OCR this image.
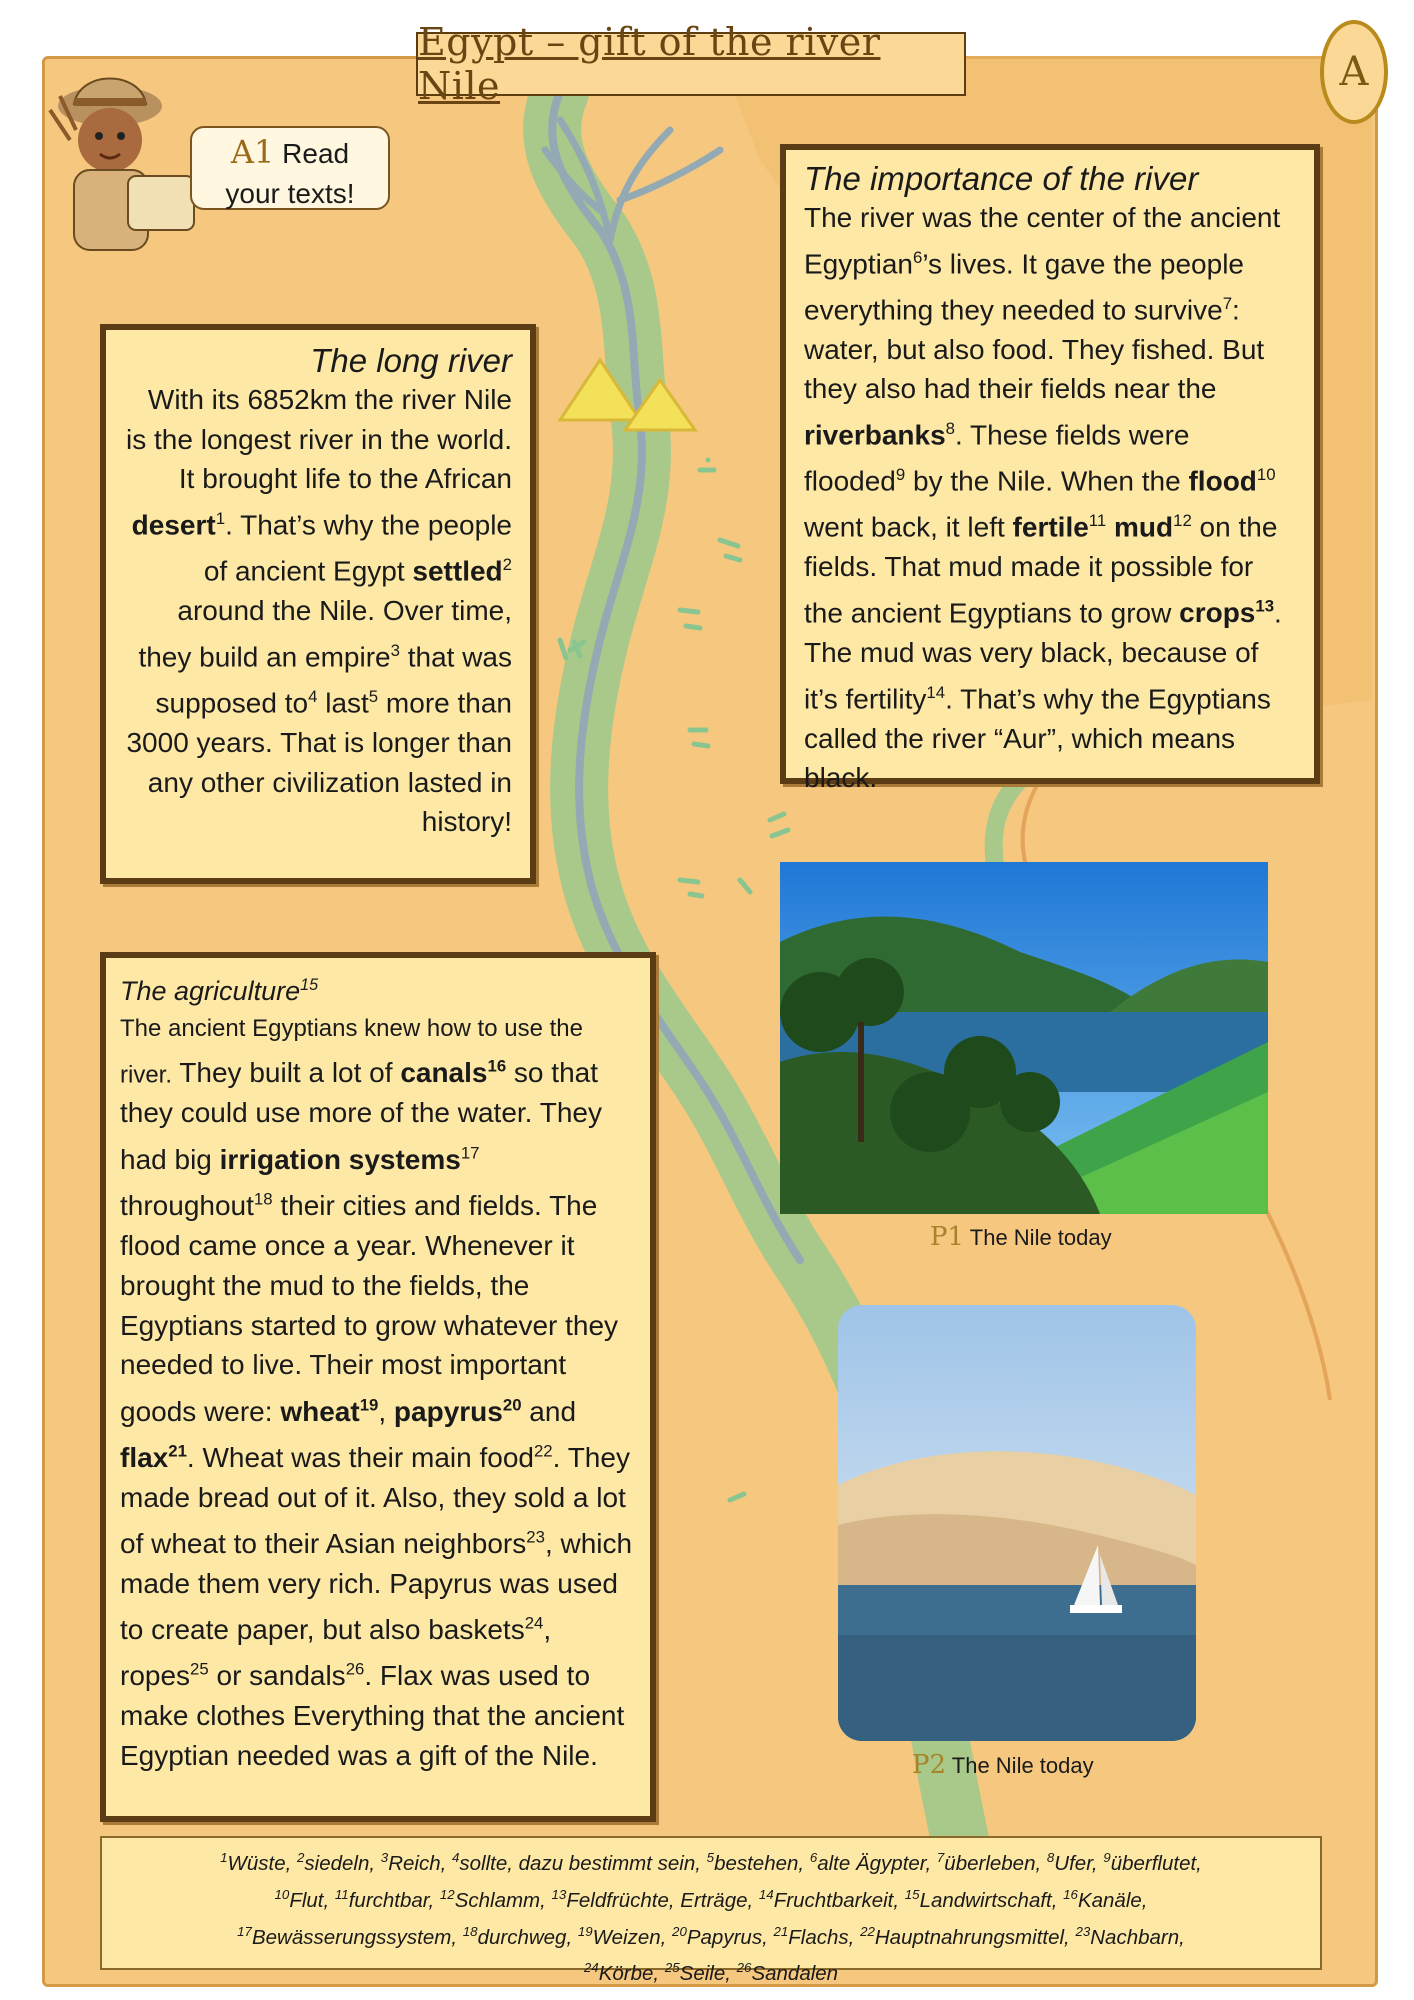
Egypt – gift of the river Nile	A
A1 Read your texts!
The long river

With its 6852km the river Nile is the longest river in the world. It brought life to the African desert$^1$. That’s why the people of ancient Egypt settled$^2$ around the Nile. Over time, they build an empire$^3$ that was supposed $to^4$ last$^5$ more than 3000 years. That is longer than any other civilization lasted in history!

The importance of the river

The river was the center of the ancient Egyptian$^6$’s lives. It gave the people everything they needed to survive$^7$: water, but also food. They fished. But they also had their fields near the riverbanks$^8$. These fields were flooded$^9$ by the Nile. When the flood$^{10}$ went back, it left fertile$^{11}$ mud$^{12}$ on the fields. That mud made it possible for the ancient Egyptians to grow crops$^{13}$. The mud was very black, because of it’s fertility$^{14}$. That’s why the Egyptians called the river “Aur”, which means black.

The agriculture$^{15}$

The ancient Egyptians knew how to use the river. They built a lot of canals$^{16}$ so that they could use more of the water. They had big irrigation systems$^{17}$ throughout$^{18}$ their cities and fields. The flood came once a year. Whenever it brought the mud to the fields, the Egyptians started to grow whatever they needed to live. Their most important goods were: wheat$^{19}$, papyrus$^{20}$ and flax$^{21}$. Wheat was their main food$^{22}$. They made bread out of it. Also, they sold a lot of wheat to their Asian neighbors$^{23}$, which made them very rich. Papyrus was used to create paper, but also baskets$^{24}$, ropes$^{25}$ or sandals$^{26}$. Flax was used to make clothes Everything that the ancient Egyptian needed was a gift of the Nile.

P1 The Nile today
P2 The Nile today
$^1$Wüste, $^2$siedeln, $^3$Reich, $^4$sollte, dazu bestimmt sein, $^5$bestehen, $^6$alte Ägypter, $^7$überleben, $^8$Ufer, $^9$überflutet,
$^{10}$Flut, $^{11}$furchtbar, $^{12}$Schlamm, $^{13}$Feldfrüchte, Erträge, $^{14}$Fruchtbarkeit, $^{15}$Landwirtschaft, $^{16}$Kanäle,
$^{17}$Bewässerungssystem, $^{18}$durchweg, $^{19}$Weizen, $^{20}$Papyrus, $^{21}$Flachs, $^{22}$Hauptnahrungsmittel, $^{23}$Nachbarn,
$^{24}$Körbe, $^{25}$Seile, $^{26}$Sandalen
